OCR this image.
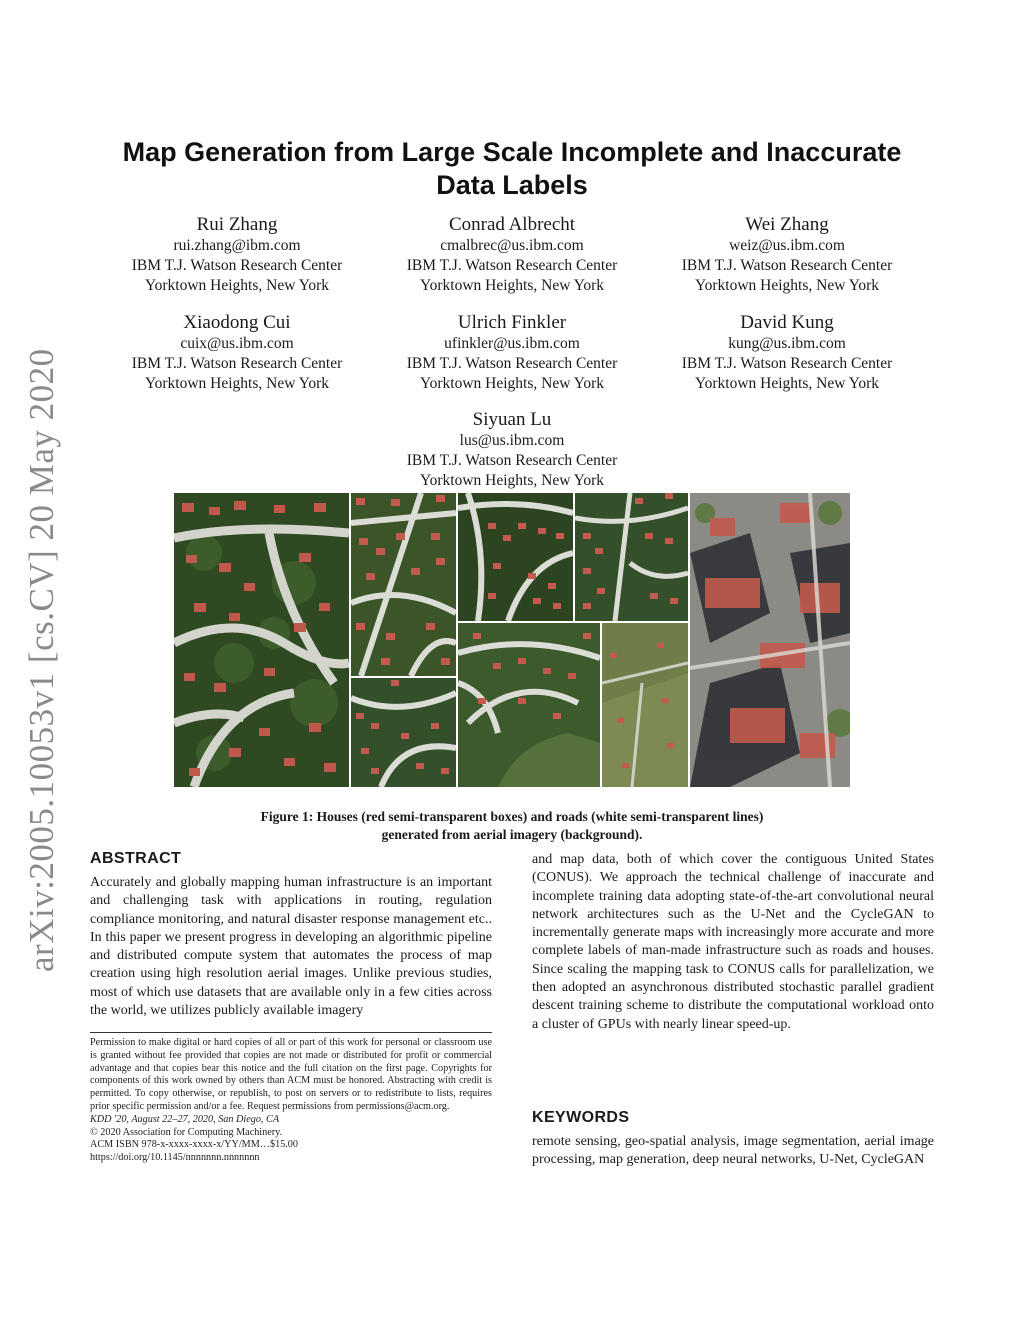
arXiv:2005.10053v1 [cs.CV] 20 May 2020
Map Generation from Large Scale Incomplete and Inaccurate
Data Labels
Rui Zhang
rui.zhang@ibm.com
IBM T.J. Watson Research Center
Yorktown Heights, New York
Conrad Albrecht
cmalbrec@us.ibm.com
IBM T.J. Watson Research Center
Yorktown Heights, New York
Wei Zhang
weiz@us.ibm.com
IBM T.J. Watson Research Center
Yorktown Heights, New York
Xiaodong Cui
cuix@us.ibm.com
IBM T.J. Watson Research Center
Yorktown Heights, New York
Ulrich Finkler
ufinkler@us.ibm.com
IBM T.J. Watson Research Center
Yorktown Heights, New York
David Kung
kung@us.ibm.com
IBM T.J. Watson Research Center
Yorktown Heights, New York
Siyuan Lu
lus@us.ibm.com
IBM T.J. Watson Research Center
Yorktown Heights, New York
Figure 1: Houses (red semi-transparent boxes) and roads (white semi-transparent lines)
generated from aerial imagery (background).
ABSTRACT
Accurately and globally mapping human infrastructure is an important and challenging task with applications in routing, regulation compliance monitoring, and natural disaster response management etc.. In this paper we present progress in developing an algorithmic pipeline and distributed compute system that automates the process of map creation using high resolution aerial images. Unlike previous studies, most of which use datasets that are available only in a few cities across the world, we utilizes publicly available imagery
and map data, both of which cover the contiguous United States (CONUS). We approach the technical challenge of inaccurate and incomplete training data adopting state-of-the-art convolutional neural network architectures such as the U-Net and the CycleGAN to incrementally generate maps with increasingly more accurate and more complete labels of man-made infrastructure such as roads and houses. Since scaling the mapping task to CONUS calls for parallelization, we then adopted an asynchronous distributed stochastic parallel gradient descent training scheme to distribute the computational workload onto a cluster of GPUs with nearly linear speed-up.
Permission to make digital or hard copies of all or part of this work for personal or classroom use is granted without fee provided that copies are not made or distributed for profit or commercial advantage and that copies bear this notice and the full citation on the first page. Copyrights for components of this work owned by others than ACM must be honored. Abstracting with credit is permitted. To copy otherwise, or republish, to post on servers or to redistribute to lists, requires prior specific permission and/or a fee. Request permissions from permissions@acm.org.
KDD '20, August 22–27, 2020, San Diego, CA
© 2020 Association for Computing Machinery.
ACM ISBN 978-x-xxxx-xxxx-x/YY/MM…$15.00
https://doi.org/10.1145/nnnnnnn.nnnnnnn
KEYWORDS
remote sensing, geo-spatial analysis, image segmentation, aerial image processing, map generation, deep neural networks, U-Net, CycleGAN
